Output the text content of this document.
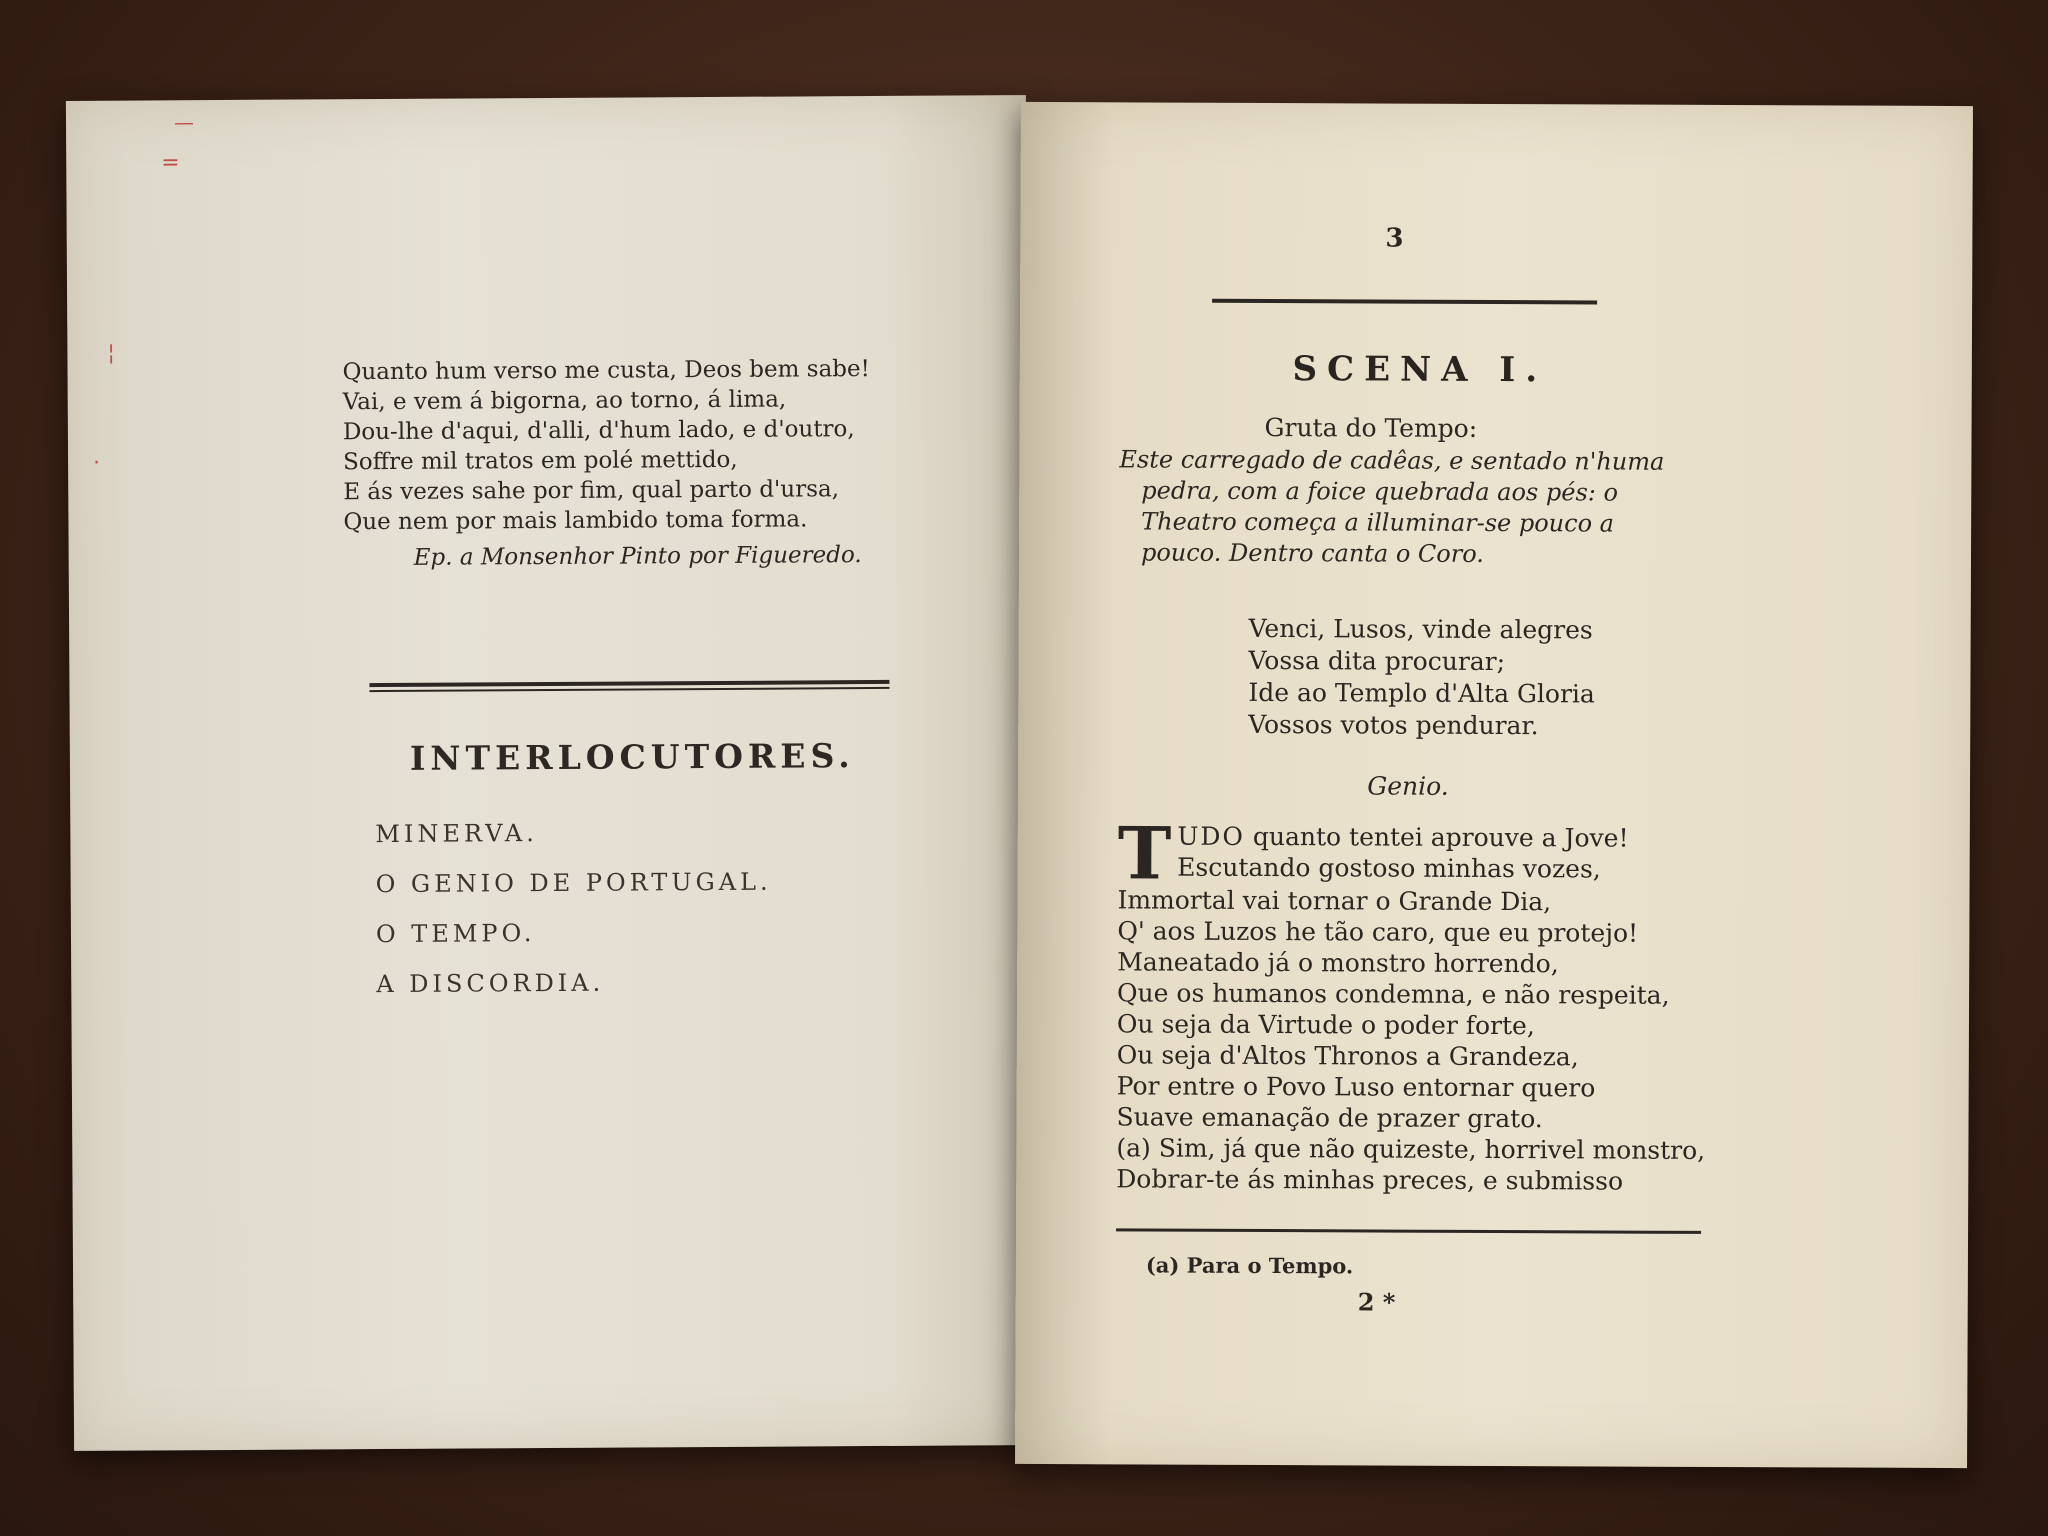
—
=
¦
·
Quanto hum verso me custa, Deos bem sabe!
Vai, e vem á bigorna, ao torno, á lima,
Dou-lhe d'aqui, d'alli, d'hum lado, e d'outro,
Soffre mil tratos em polé mettido,
E ás vezes sahe por fim, qual parto d'ursa,
Que nem por mais lambido toma forma.
Ep. a Monsenhor Pinto por Figueredo.
INTERLOCUTORES.
MINERVA.
O GENIO DE PORTUGAL.
O TEMPO.
A DISCORDIA.
3
SCENA I.
Gruta do Tempo:
Este carregado de cadêas, e sentado n'huma
pedra, com a foice quebrada aos pés: o
Theatro começa a illuminar-se pouco a
pouco. Dentro canta o Coro.
Venci, Lusos, vinde alegres
Vossa dita procurar;
Ide ao Templo d'Alta Gloria
Vossos votos pendurar.
Genio.
T UDO quanto tentei aprouve a Jove!
Escutando gostoso minhas vozes,
Immortal vai tornar o Grande Dia,
Q' aos Luzos he tão caro, que eu protejo!
Maneatado já o monstro horrendo,
Que os humanos condemna, e não respeita,
Ou seja da Virtude o poder forte,
Ou seja d'Altos Thronos a Grandeza,
Por entre o Povo Luso entornar quero
Suave emanação de prazer grato.
(a) Sim, já que não quizeste, horrivel monstro,
Dobrar-te ás minhas preces, e submisso
(a) Para o Tempo.
2 *
